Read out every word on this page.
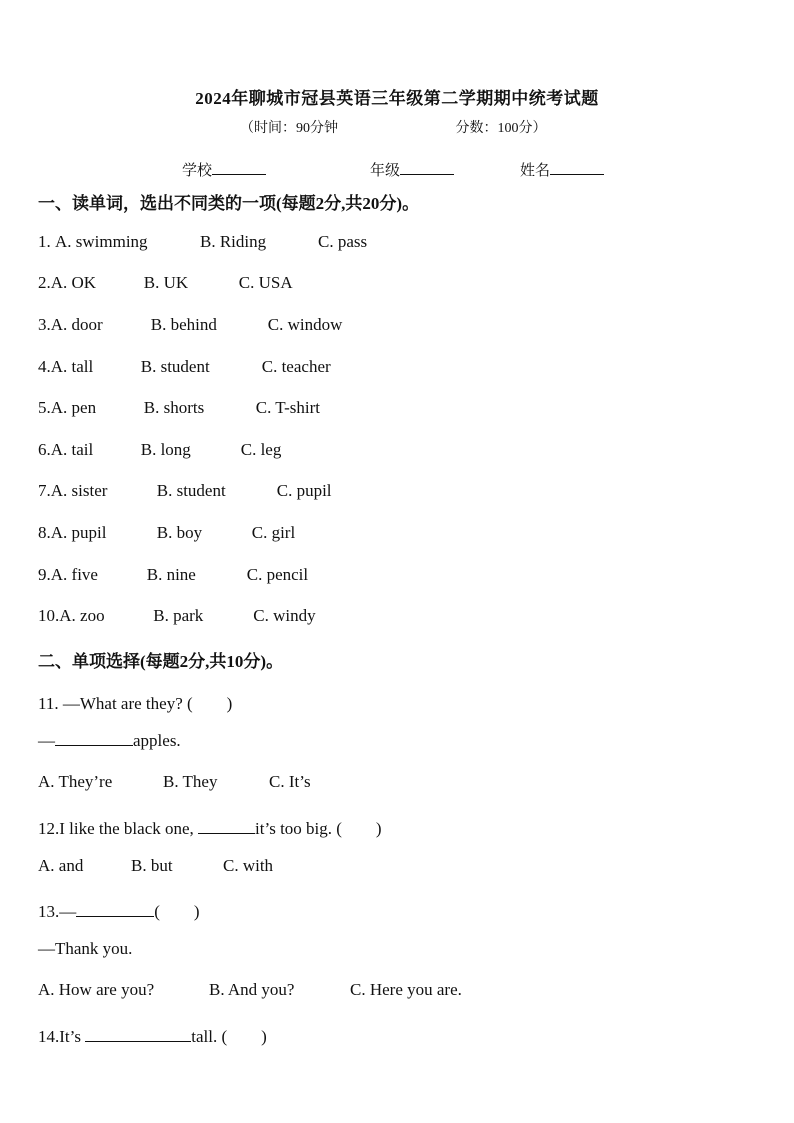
2024年聊城市冠县英语三年级第二学期期中统考试题
（时间：90分钟	分数：100分）
学校	年级	姓名
一、读单词，选出不同类的一项(每题2分,共20分)。
1. A. swimming	B. Riding	C. pass
2.A. OK	B. UK	C. USA
3.A. door	B. behind	C. window
4.A. tall	B. student	C. teacher
5.A. pen	B. shorts	C. T-shirt
6.A. tail	B. long	C. leg
7.A. sister	B. student	C. pupil
8.A. pupil	B. boy	C. girl
9.A. five	B. nine	C. pencil
10.A. zoo	B. park	C. windy
二、单项选择(每题2分,共10分)。
11. —What are they? (　　)
—	apples.
A. They’re	B. They	C. It’s
12.I like the black one,	it’s too big. (　　)
A. and	B. but	C. with
13.—	(　　)
—Thank you.
A. How are you?	B. And you?	C. Here you are.
14.It’s	tall. (　　)
